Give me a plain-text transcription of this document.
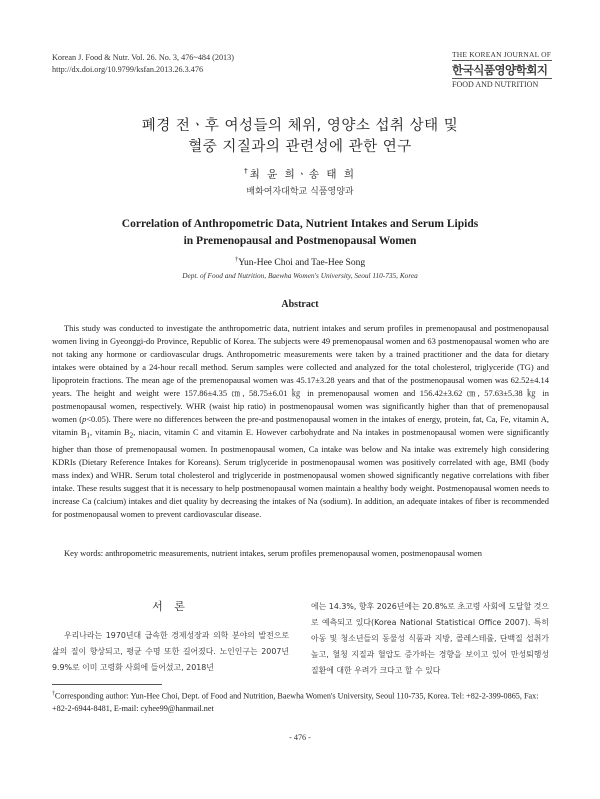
Korean J. Food & Nutr. Vol. 26. No. 3, 476~484 (2013)
http://dx.doi.org/10.9799/ksfan.2013.26.3.476
THE KOREAN JOURNAL OF
한국식품영양학회지
FOOD AND NUTRITION
폐경 전ㆍ후 여성들의 체위, 영양소 섭취 상태 및
혈중 지질과의 관련성에 관한 연구
†최 윤 희ㆍ송 태 희
배화여자대학교 식품영양과
Correlation of Anthropometric Data, Nutrient Intakes and Serum Lipids
in Premenopausal and Postmenopausal Women
†Yun-Hee Choi and Tae-Hee Song
Dept. of Food and Nutrition, Baewha Women's University, Seoul 110-735, Korea
Abstract
This study was conducted to investigate the anthropometric data, nutrient intakes and serum profiles in premenopausal and postmenopausal women living in Gyeonggi-do Province, Republic of Korea. The subjects were 49 premenopausal women and 63 postmenopausal women who are not taking any hormone or cardiovascular drugs. Anthropometric measurements were taken by a trained practitioner and the data for dietary intakes were obtained by a 24-hour recall method. Serum samples were collected and analyzed for the total cholesterol, triglyceride (TG) and lipoprotein fractions. The mean age of the premenopausal women was 45.17±3.28 years and that of the postmenopausal women was 62.52±4.14 years. The height and weight were 157.86±4.35 ㎝, 58.75±6.01 ㎏ in premenopausal women and 156.42±3.62 ㎝, 57.63±5.38 ㎏ in postmenopausal women, respectively. WHR (waist hip ratio) in postmenopausal women was significantly higher than that of premenopausal women (p<0.05). There were no differences between the pre-and postmenopausal women in the intakes of energy, protein, fat, Ca, Fe, vitamin A, vitamin $B_1$, vitamin $B_2$, niacin, vitamin C and vitamin E. However carbohydrate and Na intakes in postmenopausal women were significantly higher than those of premenopausal women. In postmenopausal women, Ca intake was below and Na intake was extremely high considering KDRIs (Dietary Reference Intakes for Koreans). Serum triglyceride in postmenopausal women was positively correlated with age, BMI (body mass index) and WHR. Serum total cholesterol and triglyceride in postmenopausal women showed significantly negative correlations with fiber intake. These results suggest that it is necessary to help postmenopausal women maintain a healthy body weight. Postmenopausal women needs to increase Ca (calcium) intakes and diet quality by decreasing the intakes of Na (sodium). In addition, an adequate intakes of fiber is recommended for postmenopausal women to prevent cardiovascular disease.
Key words: anthropometric measurements, nutrient intakes, serum profiles premenopausal women, postmenopausal women
서 론
우리나라는 1970년대 급속한 경제성장과 의학 분야의 발전으로 삶의 질이 향상되고, 평균 수명 또한 길어졌다. 노인인구는 2007년 9.9%로 이미 고령화 사회에 들어섰고, 2018년
에는 14.3%, 향후 2026년에는 20.8%로 초고령 사회에 도달할 것으로 예측되고 있다(Korea National Statistical Office 2007). 특히 아동 및 청소년들의 동물성 식품과 지방, 콜레스테롤, 단백질 섭취가 높고, 혈청 지질과 혈압도 증가하는 경향을 보이고 있어 만성퇴행성 질환에 대한 우려가 크다고 할 수 있다
†Corresponding author: Yun-Hee Choi, Dept. of Food and Nutrition, Baewha Women's University, Seoul 110-735, Korea. Tel: +82-2-399-0865, Fax: +82-2-6944-8481, E-mail: cyhee99@hanmail.net
- 476 -
